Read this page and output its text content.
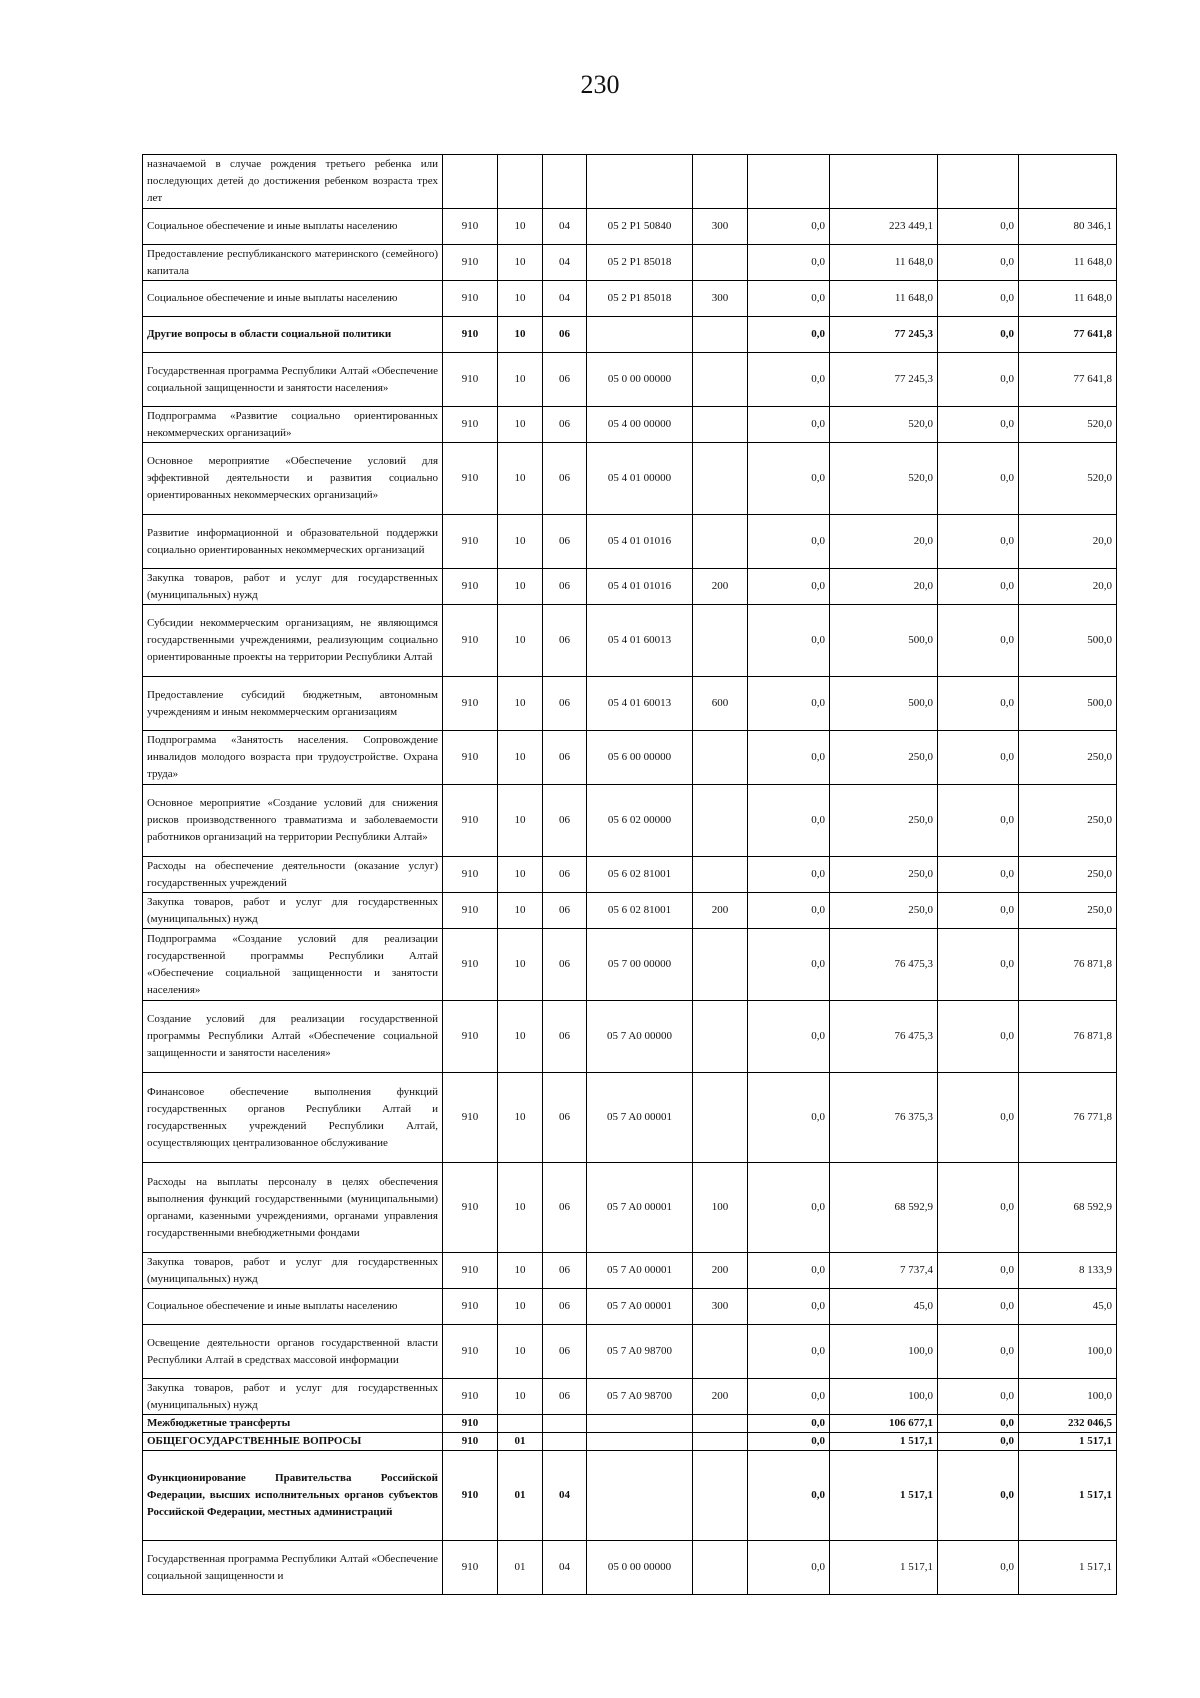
230
назначаемой в случае рождения третьего ребенка или последующих детей до достижения ребенком возраста трех лет									
Социальное обеспечение и иные выплаты населению	910	10	04	05 2 P1 50840	300	0,0	223 449,1	0,0	80 346,1
Предоставление республиканского материнского (семейного) капитала	910	10	04	05 2 P1 85018		0,0	11 648,0	0,0	11 648,0
Социальное обеспечение и иные выплаты населению	910	10	04	05 2 P1 85018	300	0,0	11 648,0	0,0	11 648,0
Другие вопросы в области социальной политики	910	10	06			0,0	77 245,3	0,0	77 641,8
Государственная программа Республики Алтай «Обеспечение социальной защищенности и занятости населения»	910	10	06	05 0 00 00000		0,0	77 245,3	0,0	77 641,8
Подпрограмма «Развитие социально ориентированных некоммерческих организаций»	910	10	06	05 4 00 00000		0,0	520,0	0,0	520,0
Основное мероприятие «Обеспечение условий для эффективной деятельности и развития социально ориентированных некоммерческих организаций»	910	10	06	05 4 01 00000		0,0	520,0	0,0	520,0
Развитие информационной и образовательной поддержки социально ориентированных некоммерческих организаций	910	10	06	05 4 01 01016		0,0	20,0	0,0	20,0
Закупка товаров, работ и услуг для государственных (муниципальных) нужд	910	10	06	05 4 01 01016	200	0,0	20,0	0,0	20,0
Субсидии некоммерческим организациям, не являющимся государственными учреждениями, реализующим социально ориентированные проекты на территории Республики Алтай	910	10	06	05 4 01 60013		0,0	500,0	0,0	500,0
Предоставление субсидий бюджетным, автономным учреждениям и иным некоммерческим организациям	910	10	06	05 4 01 60013	600	0,0	500,0	0,0	500,0
Подпрограмма «Занятость населения. Сопровождение инвалидов молодого возраста при трудоустройстве. Охрана труда»	910	10	06	05 6 00 00000		0,0	250,0	0,0	250,0
Основное мероприятие «Создание условий для снижения рисков производственного травматизма и заболеваемости работников организаций на территории Республики Алтай»	910	10	06	05 6 02 00000		0,0	250,0	0,0	250,0
Расходы на обеспечение деятельности (оказание услуг) государственных учреждений	910	10	06	05 6 02 81001		0,0	250,0	0,0	250,0
Закупка товаров, работ и услуг для государственных (муниципальных) нужд	910	10	06	05 6 02 81001	200	0,0	250,0	0,0	250,0
Подпрограмма «Создание условий для реализации государственной программы Республики Алтай «Обеспечение социальной защищенности и занятости населения»	910	10	06	05 7 00 00000		0,0	76 475,3	0,0	76 871,8
Создание условий для реализации государственной программы Республики Алтай «Обеспечение социальной защищенности и занятости населения»	910	10	06	05 7 A0 00000		0,0	76 475,3	0,0	76 871,8
Финансовое обеспечение выполнения функций государственных органов Республики Алтай и государственных учреждений Республики Алтай, осуществляющих централизованное обслуживание	910	10	06	05 7 A0 00001		0,0	76 375,3	0,0	76 771,8
Расходы на выплаты персоналу в целях обеспечения выполнения функций государственными (муниципальными) органами, казенными учреждениями, органами управления государственными внебюджетными фондами	910	10	06	05 7 A0 00001	100	0,0	68 592,9	0,0	68 592,9
Закупка товаров, работ и услуг для государственных (муниципальных) нужд	910	10	06	05 7 A0 00001	200	0,0	7 737,4	0,0	8 133,9
Социальное обеспечение и иные выплаты населению	910	10	06	05 7 A0 00001	300	0,0	45,0	0,0	45,0
Освещение деятельности органов государственной власти Республики Алтай в средствах массовой информации	910	10	06	05 7 A0 98700		0,0	100,0	0,0	100,0
Закупка товаров, работ и услуг для государственных (муниципальных) нужд	910	10	06	05 7 A0 98700	200	0,0	100,0	0,0	100,0
Межбюджетные трансферты	910					0,0	106 677,1	0,0	232 046,5
ОБЩЕГОСУДАРСТВЕННЫЕ ВОПРОСЫ	910	01				0,0	1 517,1	0,0	1 517,1
Функционирование Правительства Российской Федерации, высших исполнительных органов субъектов Российской Федерации, местных администраций	910	01	04			0,0	1 517,1	0,0	1 517,1
Государственная программа Республики Алтай «Обеспечение социальной защищенности и	910	01	04	05 0 00 00000		0,0	1 517,1	0,0	1 517,1
